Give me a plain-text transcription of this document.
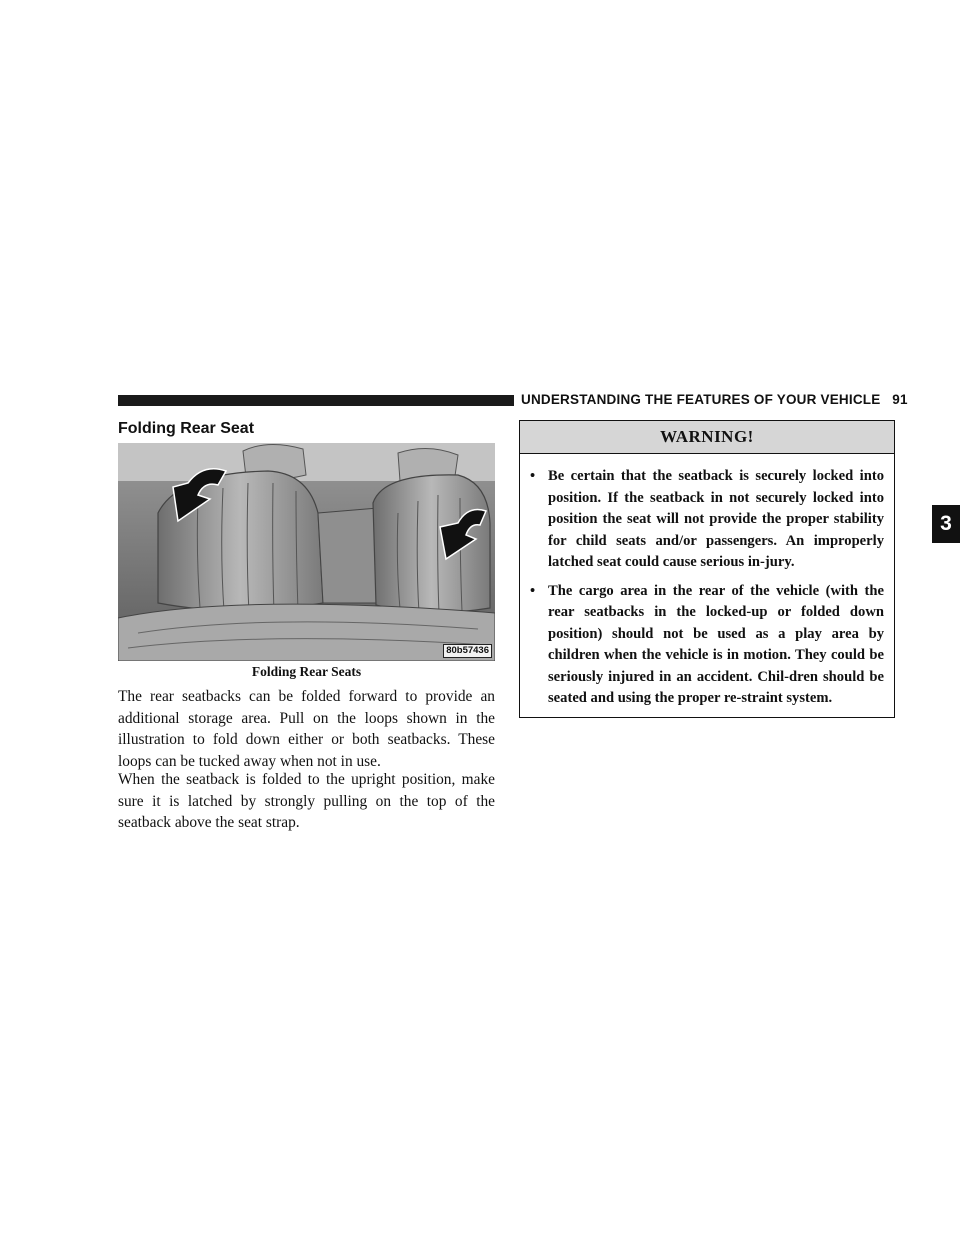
UNDERSTANDING THE FEATURES OF YOUR VEHICLE 91
Folding Rear Seat
80b57436
Folding Rear Seats

The rear seatbacks can be folded forward to provide an additional storage area. Pull on the loops shown in the illustration to fold down either or both seatbacks. These loops can be tucked away when not in use.

When the seatback is folded to the upright position, make sure it is latched by strongly pulling on the top of the seatback above the seat strap.

WARNING!
• Be certain that the seatback is securely locked into position. If the seatback in not securely locked into position the seat will not provide the proper stability for child seats and/or passengers. An improperly latched seat could cause serious in-jury.
• The cargo area in the rear of the vehicle (with the rear seatbacks in the locked-up or folded down position) should not be used as a play area by children when the vehicle is in motion. They could be seriously injured in an accident. Chil-dren should be seated and using the proper re-straint system.
3
